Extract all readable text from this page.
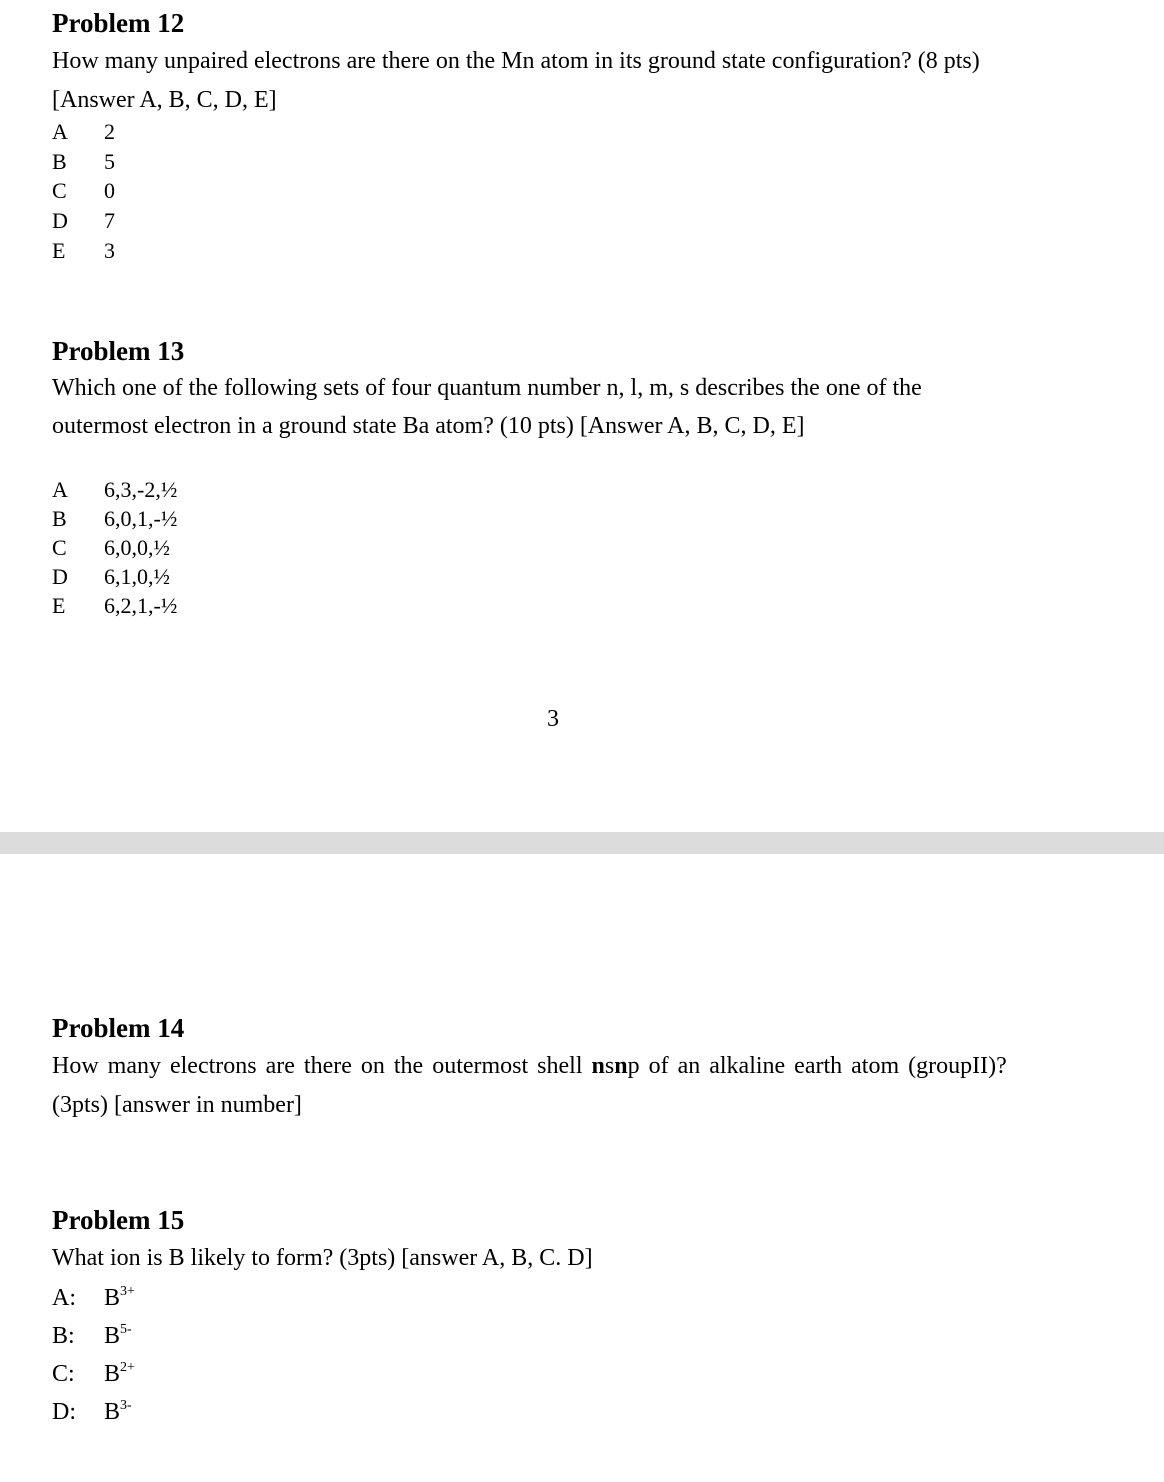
Problem 12
How many unpaired electrons are there on the Mn atom in its ground state configuration? (8 pts)
[Answer A, B, C, D, E]
A 2
B 5
C 0
D 7
E 3
Problem 13
Which one of the following sets of four quantum number n, l, m, s describes the one of the
outermost electron in a ground state Ba atom? (10 pts) [Answer A, B, C, D, E]
A 6,3,-2,½
B 6,0,1,-½
C 6,0,0,½
D 6,1,0,½
E 6,2,1,-½
3
Problem 14
How many electrons are there on the outermost shell nsnp of an alkaline earth atom (groupII)?
(3pts) [answer in number]
Problem 15
What ion is B likely to form? (3pts) [answer A, B, C. D]
A: $B^{3+}$
B: $B^{5-}$
C: $B^{2+}$
D: $B^{3-}$
